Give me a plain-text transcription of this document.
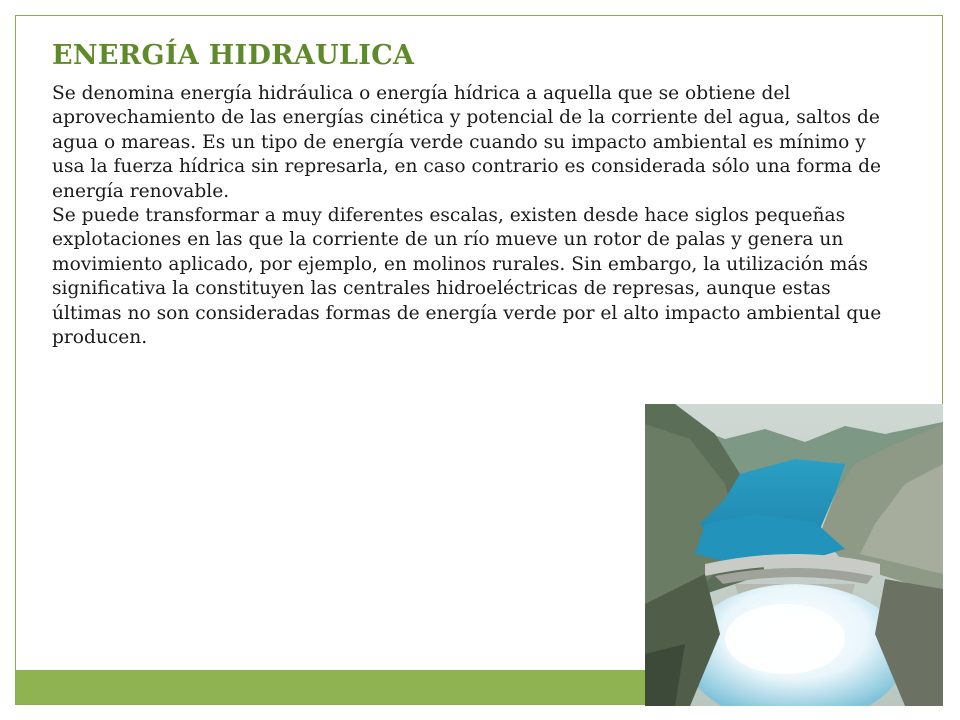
ENERGÍA HIDRAULICA

Se denomina energía hidráulica o energía hídrica a aquella que se obtiene del aprovechamiento de las energías cinética y potencial de la corriente del agua, saltos de agua o mareas. Es un tipo de energía verde cuando su impacto ambiental es mínimo y usa la fuerza hídrica sin represarla, en caso contrario es considerada sólo una forma de energía renovable.

Se puede transformar a muy diferentes escalas, existen desde hace siglos pequeñas explotaciones en las que la corriente de un río mueve un rotor de palas y genera un movimiento aplicado, por ejemplo, en molinos rurales. Sin embargo, la utilización más significativa la constituyen las centrales hidroeléctricas de represas, aunque estas últimas no son consideradas formas de energía verde por el alto impacto ambiental que producen.
